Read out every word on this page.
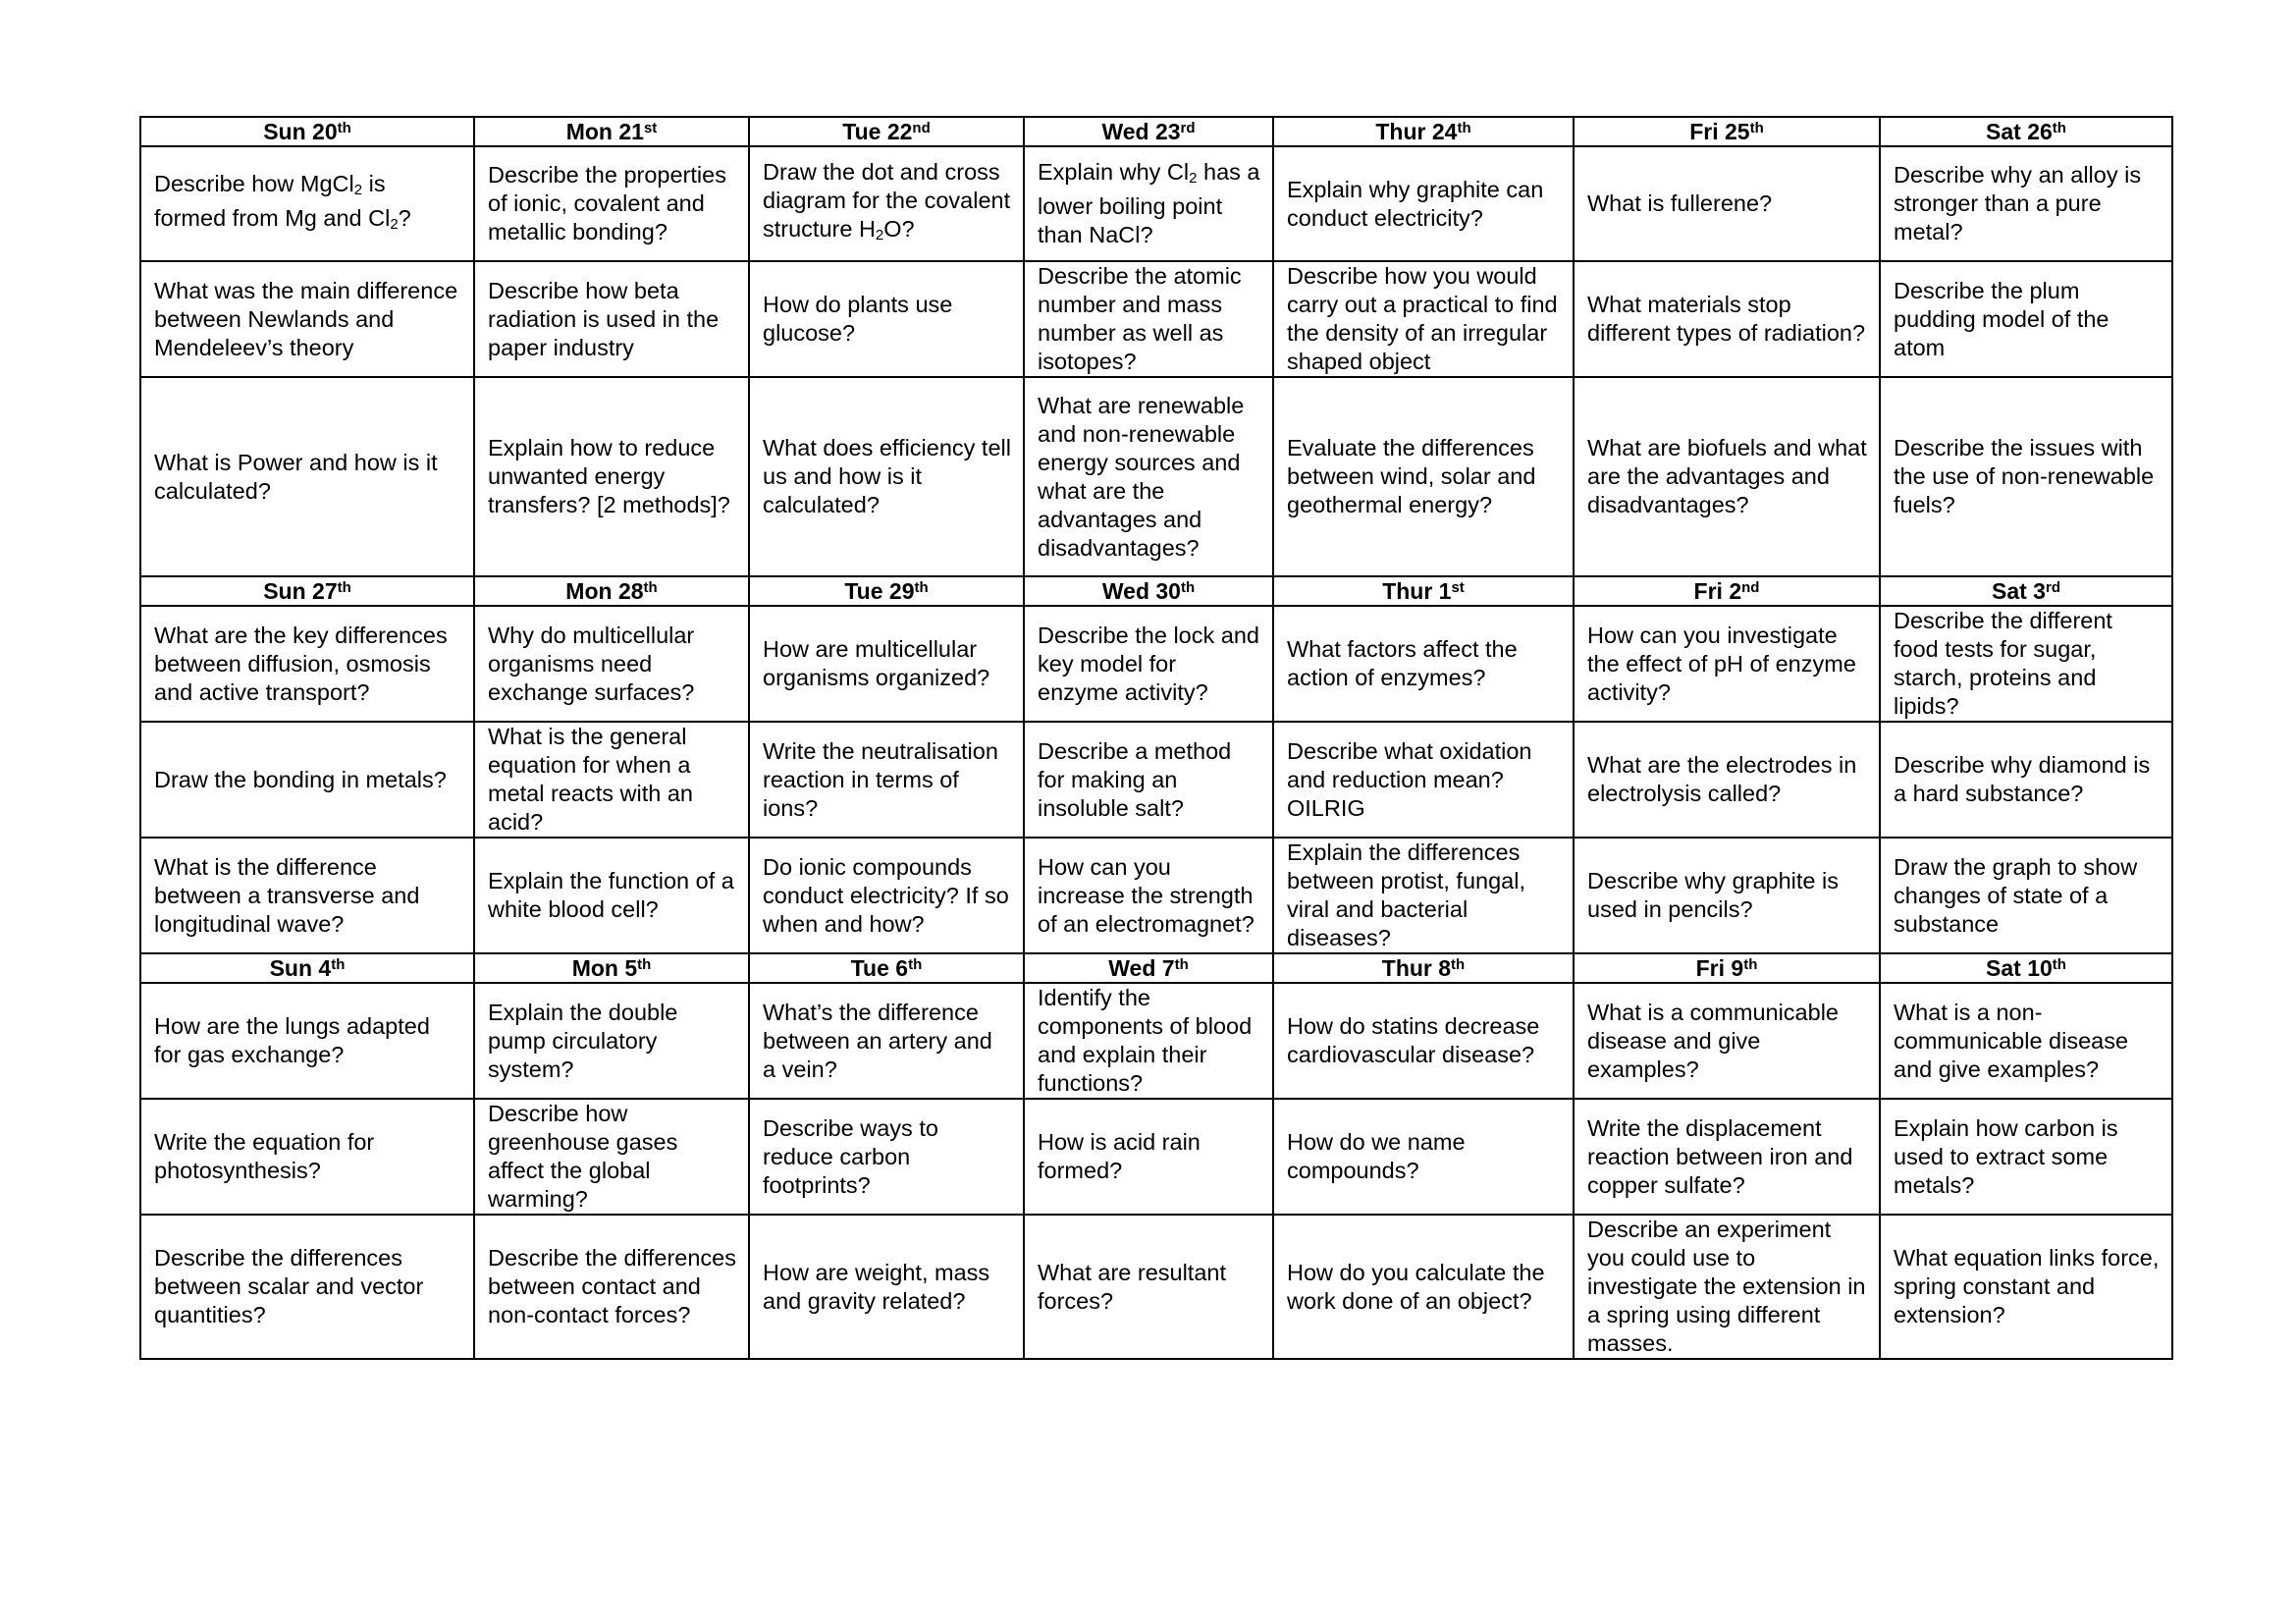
Sun 20th	Mon 21st	Tue 22nd	Wed 23rd	Thur 24th	Fri 25th	Sat 26th
Describe how MgCl$_2$ is formed from Mg and $Cl_2$?	Describe the properties of ionic, covalent and metallic bonding?	Draw the dot and cross diagram for the covalent structure $H_2O$?	Explain why $Cl_2$ has a lower boiling point than NaCl?	Explain why graphite can conduct electricity?	What is fullerene?	Describe why an alloy is stronger than a pure metal?
What was the main difference between Newlands and Mendeleev’s theory	Describe how beta radiation is used in the paper industry	How do plants use glucose?	Describe the atomic number and mass number as well as isotopes?	Describe how you would carry out a practical to find the density of an irregular shaped object	What materials stop different types of radiation?	Describe the plum pudding model of the atom
What is Power and how is it calculated?	Explain how to reduce unwanted energy transfers? [2 methods]?	What does efficiency tell us and how is it calculated?	What are renewable and non-renewable energy sources and what are the advantages and disadvantages?	Evaluate the differences between wind, solar and geothermal energy?	What are biofuels and what are the advantages and disadvantages?	Describe the issues with the use of non-renewable fuels?
Sun 27th	Mon 28th	Tue 29th	Wed 30th	Thur 1st	Fri 2nd	Sat 3rd
What are the key differences between diffusion, osmosis and active transport?	Why do multicellular organisms need exchange surfaces?	How are multicellular organisms organized?	Describe the lock and key model for enzyme activity?	What factors affect the action of enzymes?	How can you investigate the effect of pH of enzyme activity?	Describe the different food tests for sugar, starch, proteins and lipids?
Draw the bonding in metals?	What is the general equation for when a metal reacts with an acid?	Write the neutralisation reaction in terms of ions?	Describe a method for making an insoluble salt?	Describe what oxidation and reduction mean? OILRIG	What are the electrodes in electrolysis called?	Describe why diamond is a hard substance?
What is the difference between a transverse and longitudinal wave?	Explain the function of a white blood cell?	Do ionic compounds conduct electricity? If so when and how?	How can you increase the strength of an electromagnet?	Explain the differences between protist, fungal, viral and bacterial diseases?	Describe why graphite is used in pencils?	Draw the graph to show changes of state of a substance
Sun 4th	Mon 5th	Tue 6th	Wed 7th	Thur 8th	Fri 9th	Sat 10th
How are the lungs adapted for gas exchange?	Explain the double pump circulatory system?	What’s the difference between an artery and a vein?	Identify the components of blood and explain their functions?	How do statins decrease cardiovascular disease?	What is a communicable disease and give examples?	What is a non-communicable disease and give examples?
Write the equation for photosynthesis?	Describe how greenhouse gases affect the global warming?	Describe ways to reduce carbon footprints?	How is acid rain formed?	How do we name compounds?	Write the displacement reaction between iron and copper sulfate?	Explain how carbon is used to extract some metals?
Describe the differences between scalar and vector quantities?	Describe the differences between contact and non-contact forces?	How are weight, mass and gravity related?	What are resultant forces?	How do you calculate the work done of an object?	Describe an experiment you could use to investigate the extension in a spring using different masses.	What equation links force, spring constant and extension?
